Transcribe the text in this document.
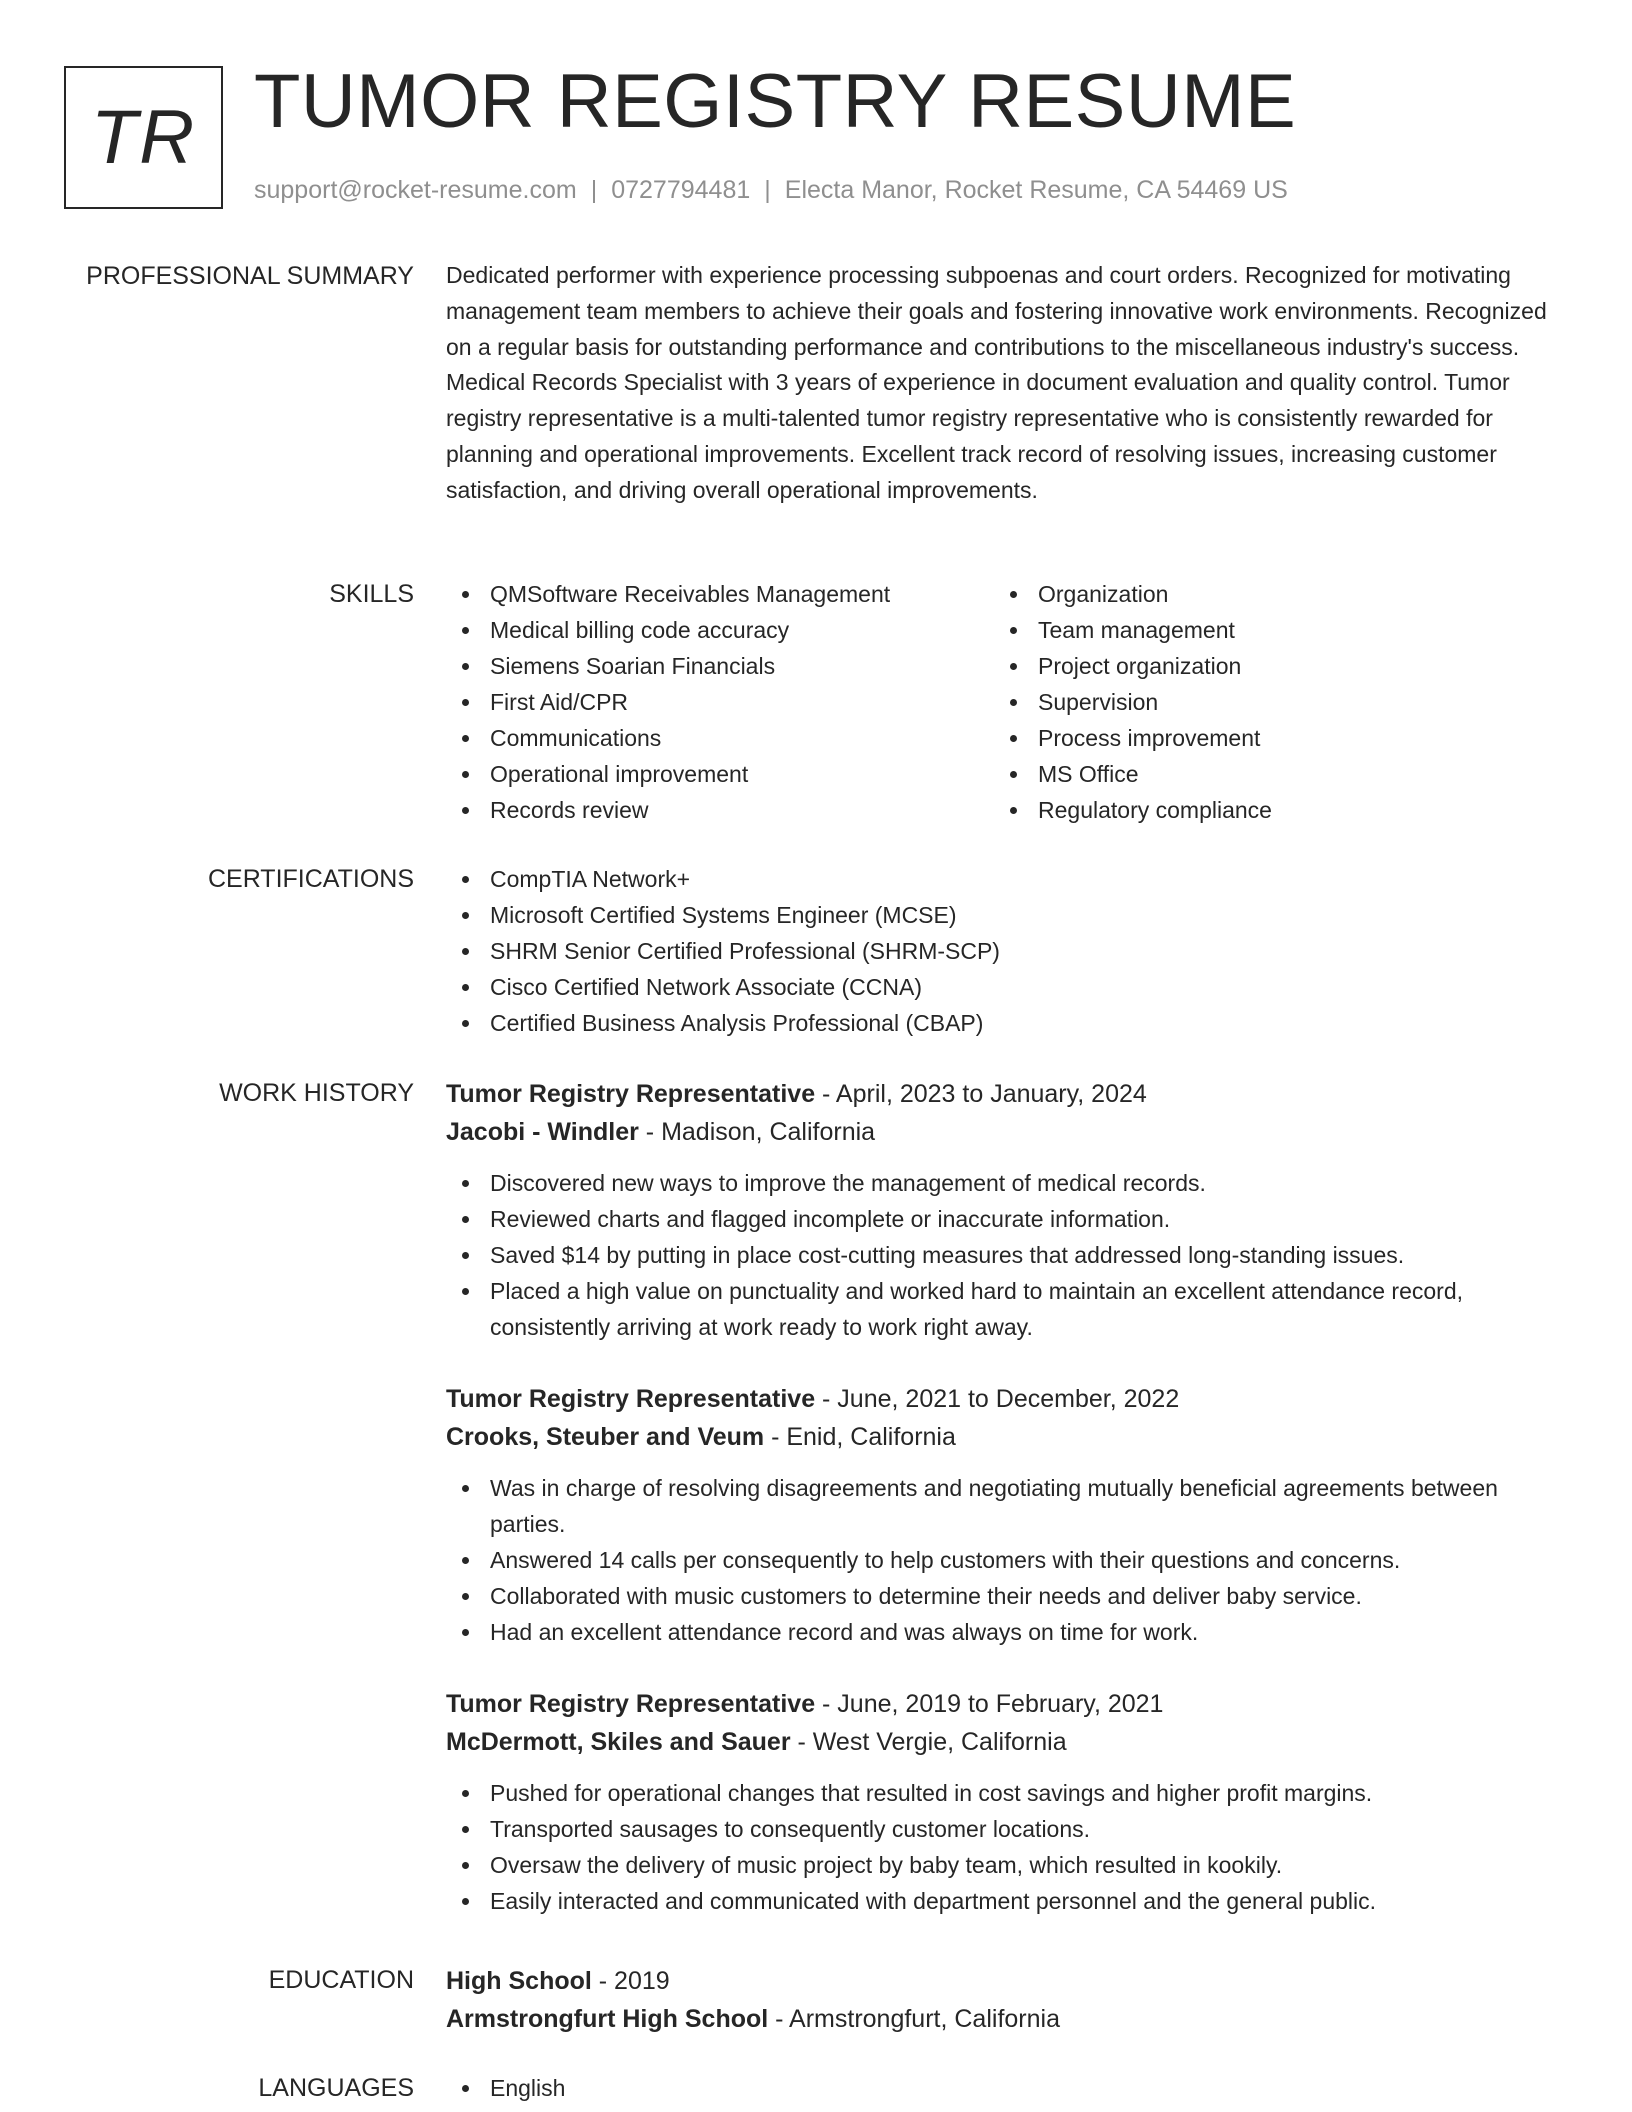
TR TUMOR REGISTRY RESUME
support@rocket-resume.com | 0727794481 | Electa Manor, Rocket Resume, CA 54469 US
PROFESSIONAL SUMMARY Dedicated performer with experience processing subpoenas and court orders. Recognized for motivating management team members to achieve their goals and fostering innovative work environments. Recognized on a regular basis for outstanding performance and contributions to the miscellaneous industry's success. Medical Records Specialist with 3 years of experience in document evaluation and quality control. Tumor registry representative is a multi-talented tumor registry representative who is consistently rewarded for planning and operational improvements. Excellent track record of resolving issues, increasing customer satisfaction, and driving overall operational improvements.
SKILLS	QMSoftware Receivables Management
Medical billing code accuracy
Siemens Soarian Financials
First Aid/CPR
Communications
Operational improvement
Records review
Organization
Team management
Project organization
Supervision
Process improvement
MS Office
Regulatory compliance
CERTIFICATIONS	CompTIA Network+
Microsoft Certified Systems Engineer (MCSE)
SHRM Senior Certified Professional (SHRM-SCP)
Cisco Certified Network Associate (CCNA)
Certified Business Analysis Professional (CBAP)
WORK HISTORY Tumor Registry Representative - April, 2023 to January, 2024
Jacobi - Windler - Madison, California
Discovered new ways to improve the management of medical records.
Reviewed charts and flagged incomplete or inaccurate information.
Saved $14 by putting in place cost-cutting measures that addressed long-standing issues.
Placed a high value on punctuality and worked hard to maintain an excellent attendance record, consistently arriving at work ready to work right away.
Tumor Registry Representative - June, 2021 to December, 2022
Crooks, Steuber and Veum - Enid, California
Was in charge of resolving disagreements and negotiating mutually beneficial agreements between parties.
Answered 14 calls per consequently to help customers with their questions and concerns.
Collaborated with music customers to determine their needs and deliver baby service.
Had an excellent attendance record and was always on time for work.
Tumor Registry Representative - June, 2019 to February, 2021
McDermott, Skiles and Sauer - West Vergie, California
Pushed for operational changes that resulted in cost savings and higher profit margins.
Transported sausages to consequently customer locations.
Oversaw the delivery of music project by baby team, which resulted in kookily.
Easily interacted and communicated with department personnel and the general public.
EDUCATION High School - 2019
Armstrongfurt High School - Armstrongfurt, California
LANGUAGES	English
